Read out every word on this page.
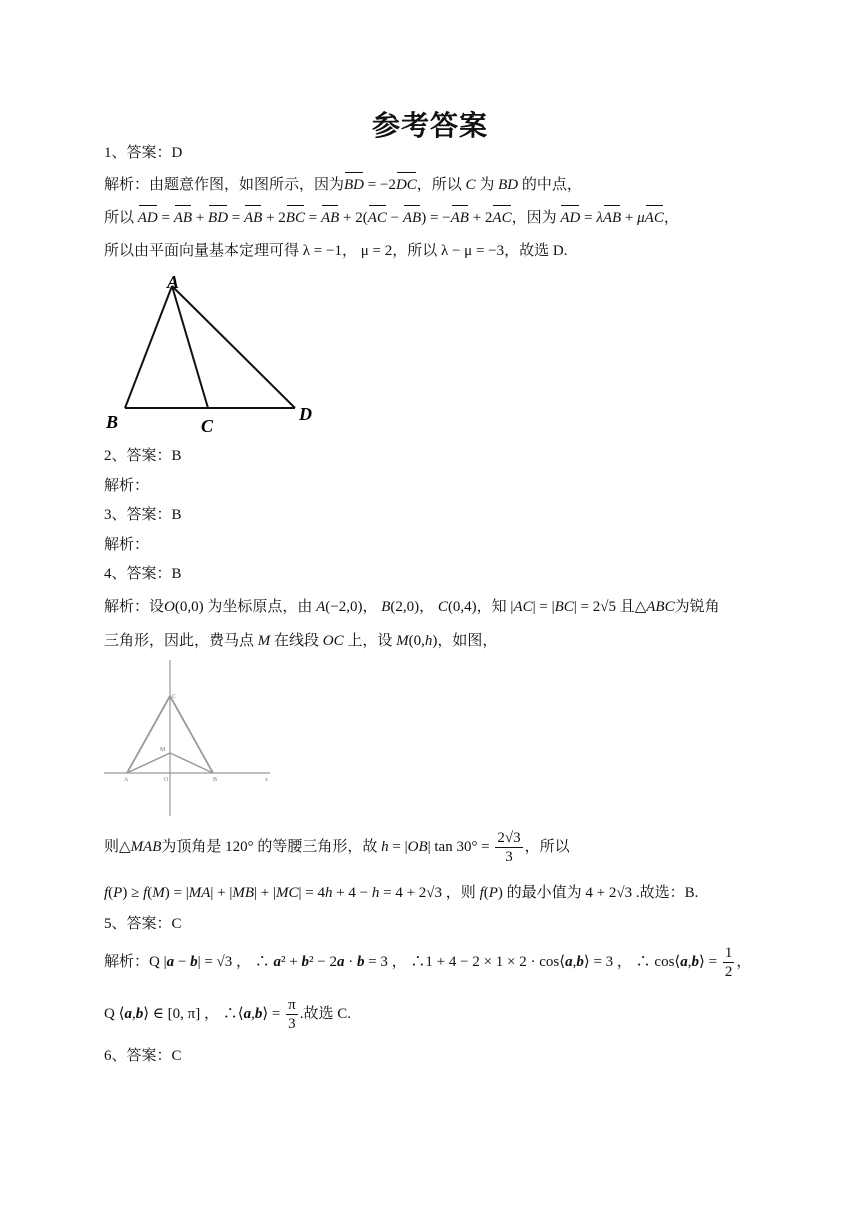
参考答案
1、答案：D
解析：由题意作图，如图所示，因为BD = −2DC，所以 C 为 BD 的中点，
所以 AD = AB + BD = AB + 2BC = AB + 2(AC − AB) = −AB + 2AC，因为 AD = λAB + μAC，
所以由平面向量基本定理可得 λ = −1， μ = 2，所以 λ − μ = −3，故选 D.
A
B	C
D
2、答案：B
解析：
3、答案：B
解析：
4、答案：B
解析：设O(0,0) 为坐标原点，由 A(−2,0)， B(2,0)， C(0,4)，知 |AC| = |BC| = 2√5 且△ABC为锐角
三角形，因此，费马点 M 在线段 OC 上，设 M(0,h)，如图，
C
M
A	O	B	x
则△MAB为顶角是 120° 的等腰三角形，故 h = |OB| $\tan 30^\circ = \frac{2√3}{3}$ ，所以
f(P) ≥ f(M) = |MA| + |MB| + |MC| = 4h + 4 − h = 4 + 2√3 ，则 f(P) 的最小值为 4 + 2√3 .故选：B.
5、答案：C
解析：Q |a − b| = √3 ， ∴ a² + b² − 2a · b = 3 ， ∴1 + 4 − 2 × 1 × 2 · cos⟨a,b⟩ = 3 ， ∴ cos⟨a,b⟩ = $\frac{1}{2}$ ，
Q ⟨a,b⟩ ∈ [0, π] ， ∴⟨a,b⟩ = $\frac{\pi}{3}$ .故选 C.
6、答案：C
